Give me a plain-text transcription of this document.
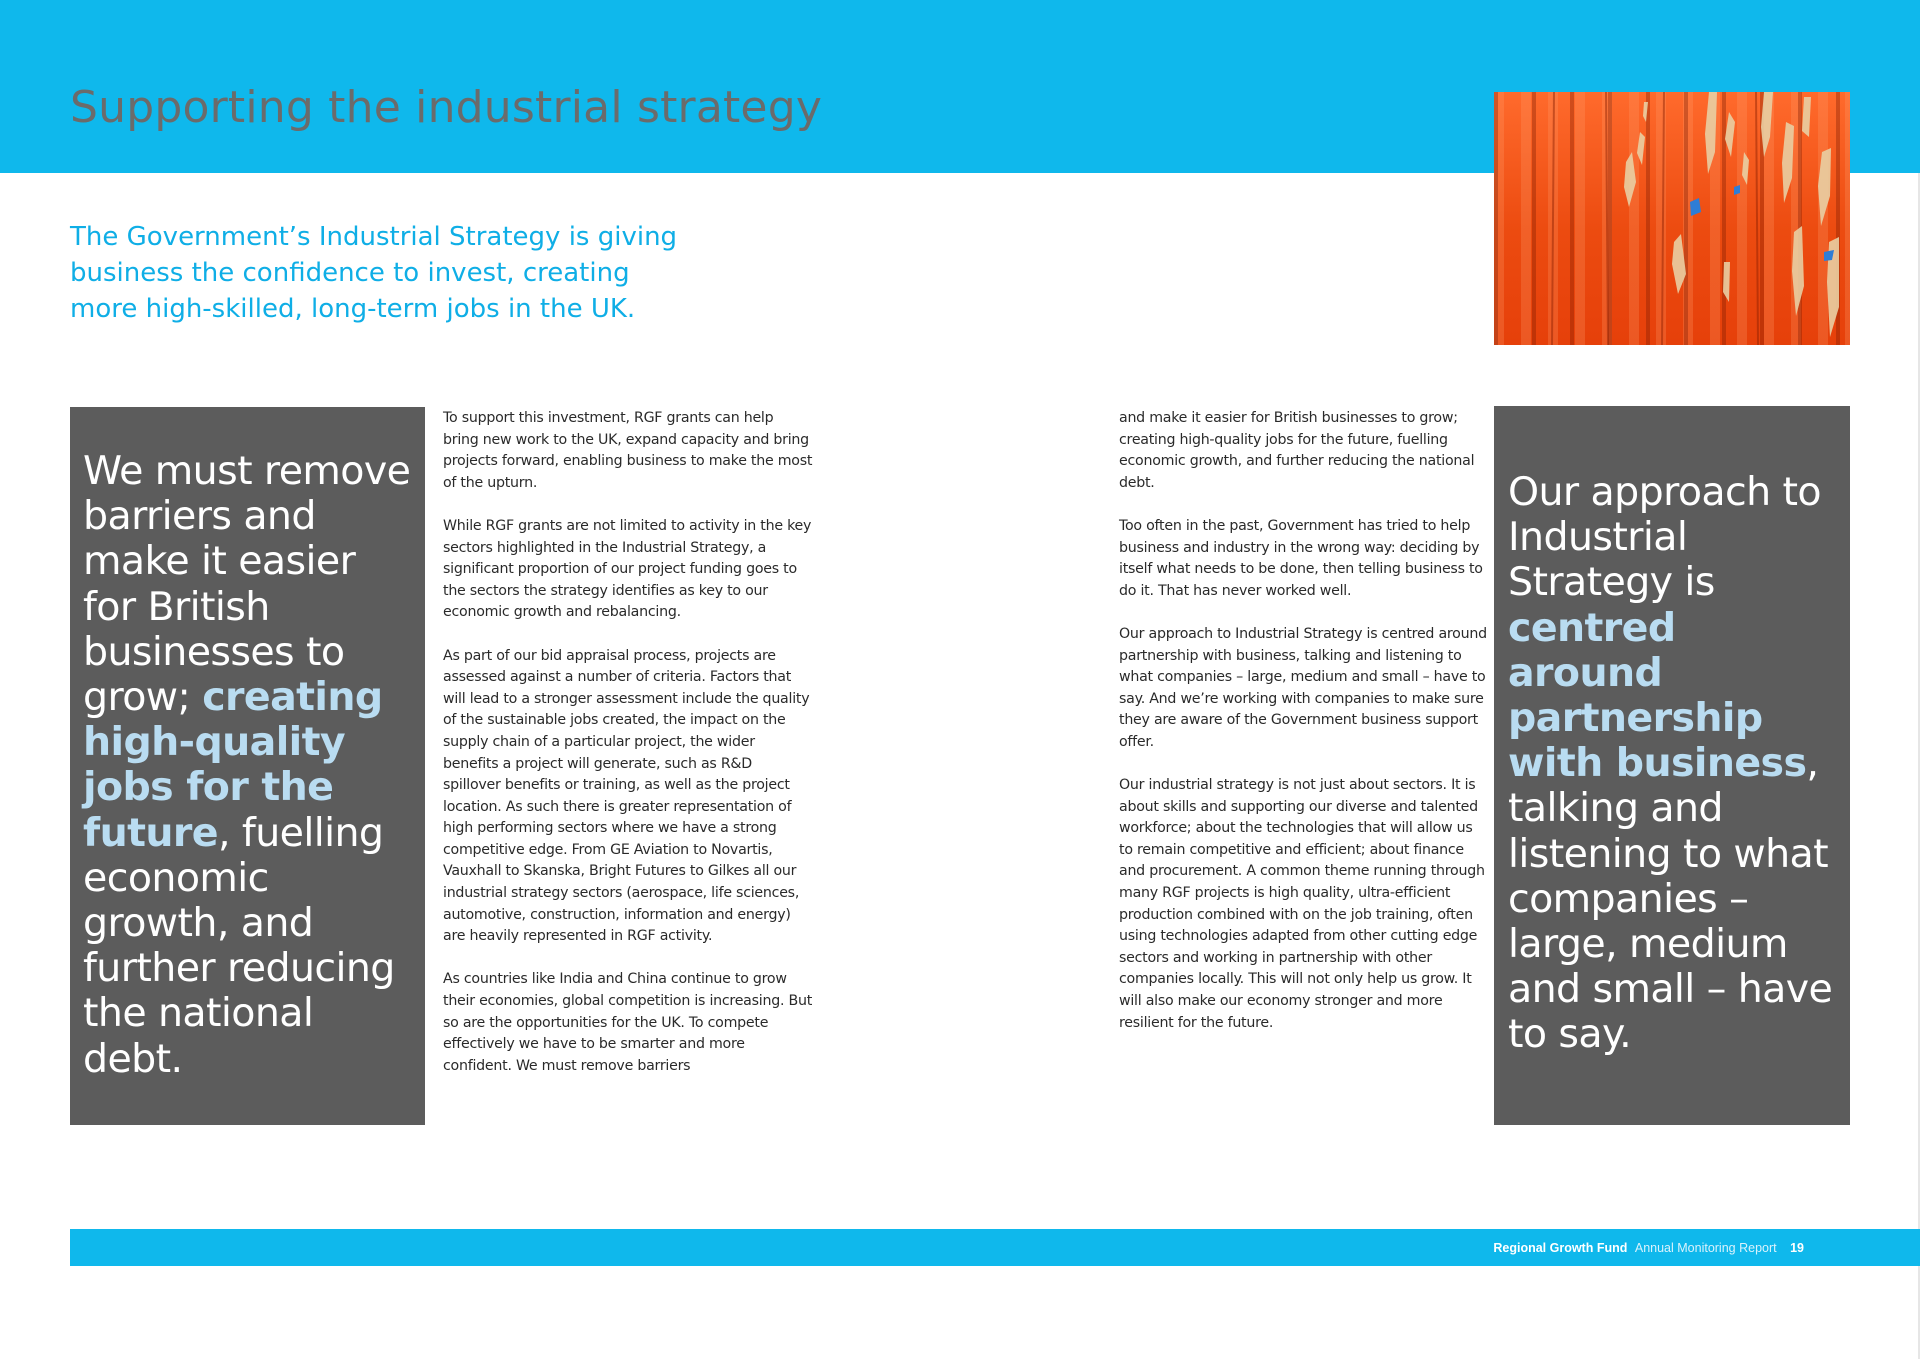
Supporting the industrial strategy

The Government’s Industrial Strategy is giving business the confidence to invest, creating more high-skilled, long-term jobs in the UK.

We must remove barriers and make it easier for British businesses to grow; creating high-quality jobs for the future, fuelling economic growth, and further reducing the national debt.

To support this investment, RGF grants can help bring new work to the UK, expand capacity and bring projects forward, enabling business to make the most of the upturn.

While RGF grants are not limited to activity in the key sectors highlighted in the Industrial Strategy, a significant proportion of our project funding goes to the sectors the strategy identifies as key to our economic growth and rebalancing.

As part of our bid appraisal process, projects are assessed against a number of criteria. Factors that will lead to a stronger assessment include the quality of the sustainable jobs created, the impact on the supply chain of a particular project, the wider benefits a project will generate, such as R&D spillover benefits or training, as well as the project location. As such there is greater representation of high performing sectors where we have a strong competitive edge. From GE Aviation to Novartis, Vauxhall to Skanska, Bright Futures to Gilkes all our industrial strategy sectors (aerospace, life sciences, automotive, construction, information and energy) are heavily represented in RGF activity.

As countries like India and China continue to grow their economies, global competition is increasing. But so are the opportunities for the UK. To compete effectively we have to be smarter and more confident. We must remove barriers

and make it easier for British businesses to grow; creating high-quality jobs for the future, fuelling economic growth, and further reducing the national debt.

Too often in the past, Government has tried to help business and industry in the wrong way: deciding by itself what needs to be done, then telling business to do it. That has never worked well.

Our approach to Industrial Strategy is centred around partnership with business, talking and listening to what companies – large, medium and small – have to say. And we’re working with companies to make sure they are aware of the Government business support offer.

Our industrial strategy is not just about sectors. It is about skills and supporting our diverse and talented workforce; about the technologies that will allow us to remain competitive and efficient; about finance and procurement. A common theme running through many RGF projects is high quality, ultra-efficient production combined with on the job training, often using technologies adapted from other cutting edge sectors and working in partnership with other companies locally. This will not only help us grow. It will also make our economy stronger and more resilient for the future.

Our approach to Industrial Strategy is centred around partnership with business, talking and listening to what companies – large, medium and small – have to say.

Regional Growth Fund Annual Monitoring Report 19
